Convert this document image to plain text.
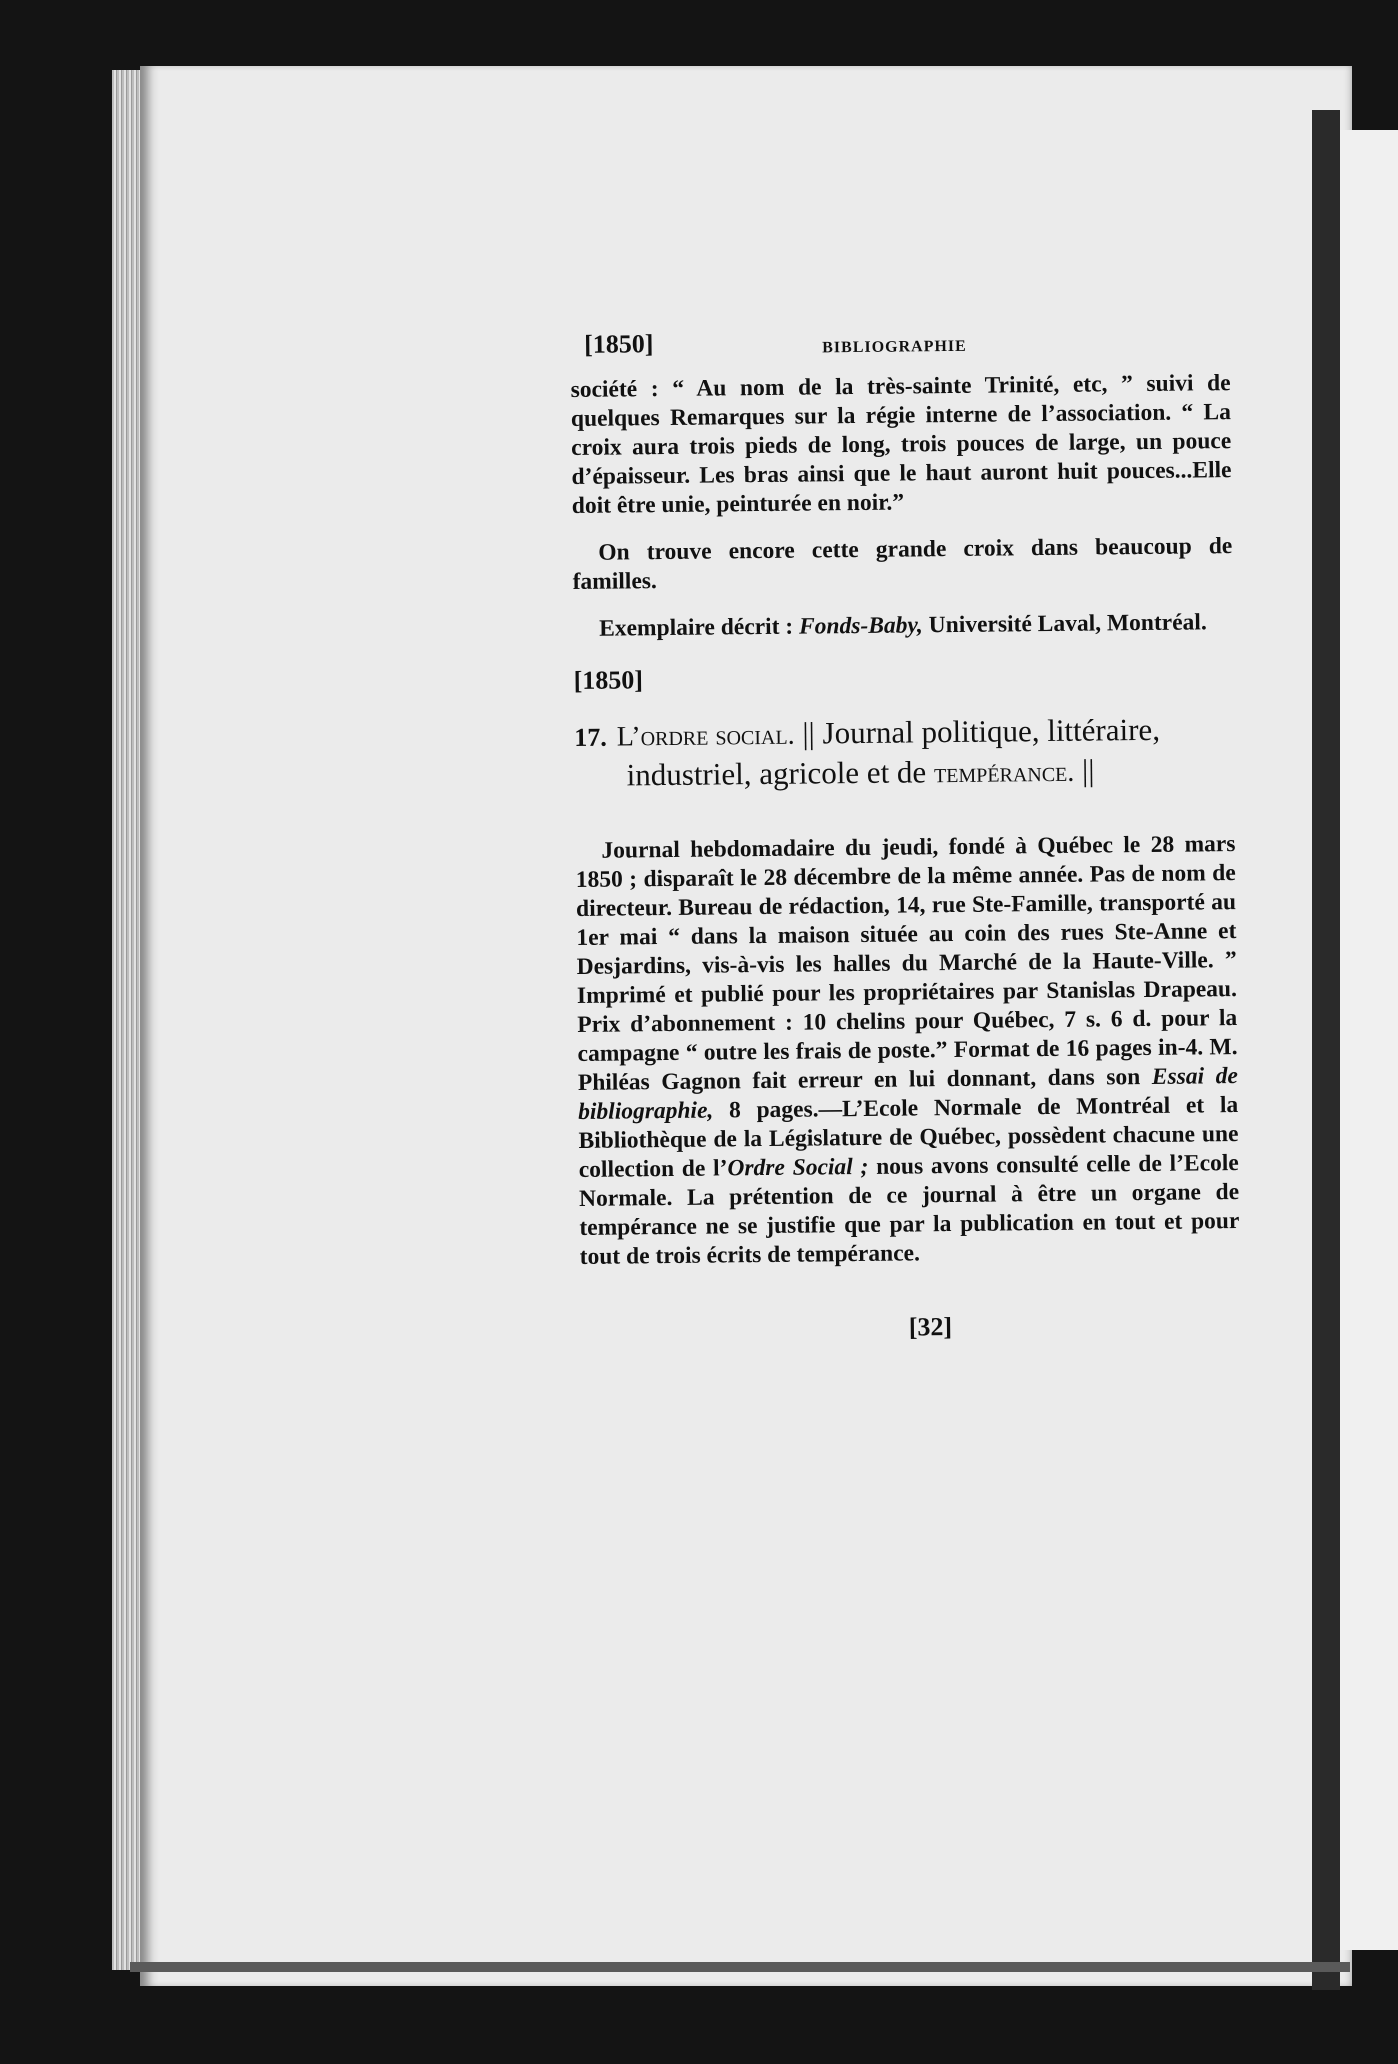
[1850]	BIBLIOGRAPHIE

société : “ Au nom de la très-sainte Trinité, etc, ” suivi de quelques Remarques sur la régie interne de l’association. “ La croix aura trois pieds de long, trois pouces de large, un pouce d’épaisseur. Les bras ainsi que le haut auront huit pouces...Elle doit être unie, peinturée en noir.”

On trouve encore cette grande croix dans beaucoup de familles.

Exemplaire décrit : Fonds-Baby, Université Laval, Montréal.

[1850]

17. L’ordre social. || Journal politique, littéraire, industriel, agricole et de tempérance. ||

Journal hebdomadaire du jeudi, fondé à Québec le 28 mars 1850 ; disparaît le 28 décembre de la même année. Pas de nom de directeur. Bureau de rédaction, 14, rue Ste-Famille, transporté au 1er mai “ dans la maison située au coin des rues Ste-Anne et Desjardins, vis-à-vis les halles du Marché de la Haute-Ville. ” Imprimé et publié pour les propriétaires par Stanislas Drapeau. Prix d’abonnement : 10 chelins pour Québec, 7 s. 6 d. pour la campagne “ outre les frais de poste.” Format de 16 pages in-4. M. Philéas Gagnon fait erreur en lui donnant, dans son Essai de bibliographie, 8 pages.—L’Ecole Normale de Montréal et la Bibliothèque de la Législature de Québec, possèdent chacune une collection de l’Ordre Social ; nous avons consulté celle de l’Ecole Normale. La prétention de ce journal à être un organe de tempérance ne se justifie que par la publication en tout et pour tout de trois écrits de tempérance.

[32]
